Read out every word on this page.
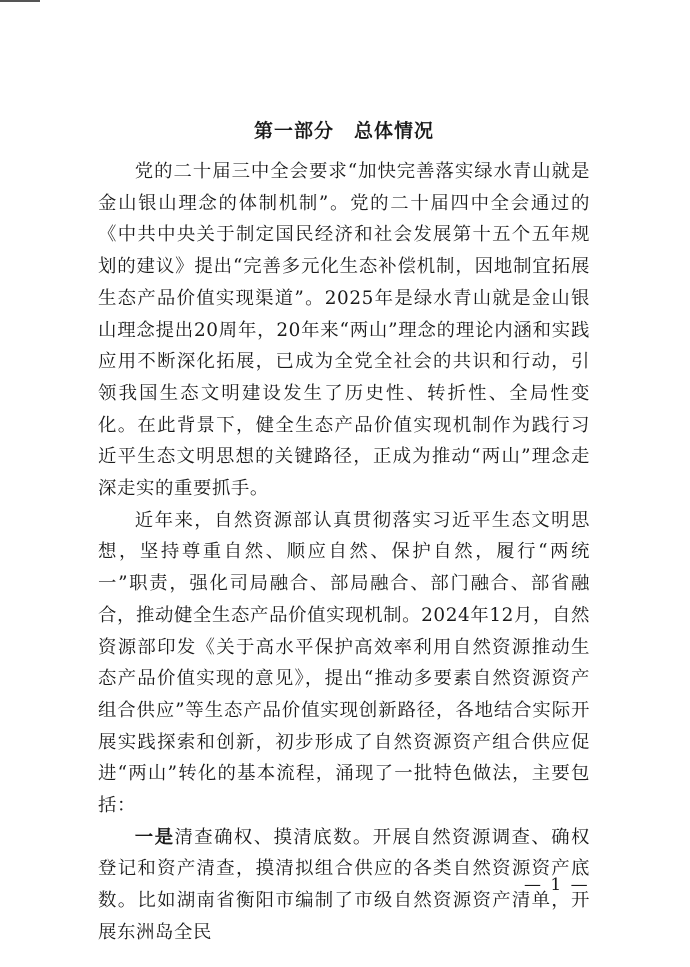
第一部分 总体情况

党的二十届三中全会要求“加快完善落实绿水青山就是金山银山理念的体制机制”。党的二十届四中全会通过的《中共中央关于制定国民经济和社会发展第十五个五年规划的建议》提出“完善多元化生态补偿机制，因地制宜拓展生态产品价值实现渠道”。2025年是绿水青山就是金山银山理念提出20周年，20年来“两山”理念的理论内涵和实践应用不断深化拓展，已成为全党全社会的共识和行动，引领我国生态文明建设发生了历史性、转折性、全局性变化。在此背景下，健全生态产品价值实现机制作为践行习近平生态文明思想的关键路径，正成为推动“两山”理念走深走实的重要抓手。

近年来，自然资源部认真贯彻落实习近平生态文明思想，坚持尊重自然、顺应自然、保护自然，履行“两统一”职责，强化司局融合、部局融合、部门融合、部省融合，推动健全生态产品价值实现机制。2024年12月，自然资源部印发《关于高水平保护高效率利用自然资源推动生态产品价值实现的意见》，提出“推动多要素自然资源资产组合供应”等生态产品价值实现创新路径，各地结合实际开展实践探索和创新，初步形成了自然资源资产组合供应促进“两山”转化的基本流程，涌现了一批特色做法，主要包括：

一是清查确权、摸清底数。开展自然资源调查、确权登记和资产清查，摸清拟组合供应的各类自然资源资产底数。比如湖南省衡阳市编制了市级自然资源资产清单，开展东洲岛全民

— 1 —
